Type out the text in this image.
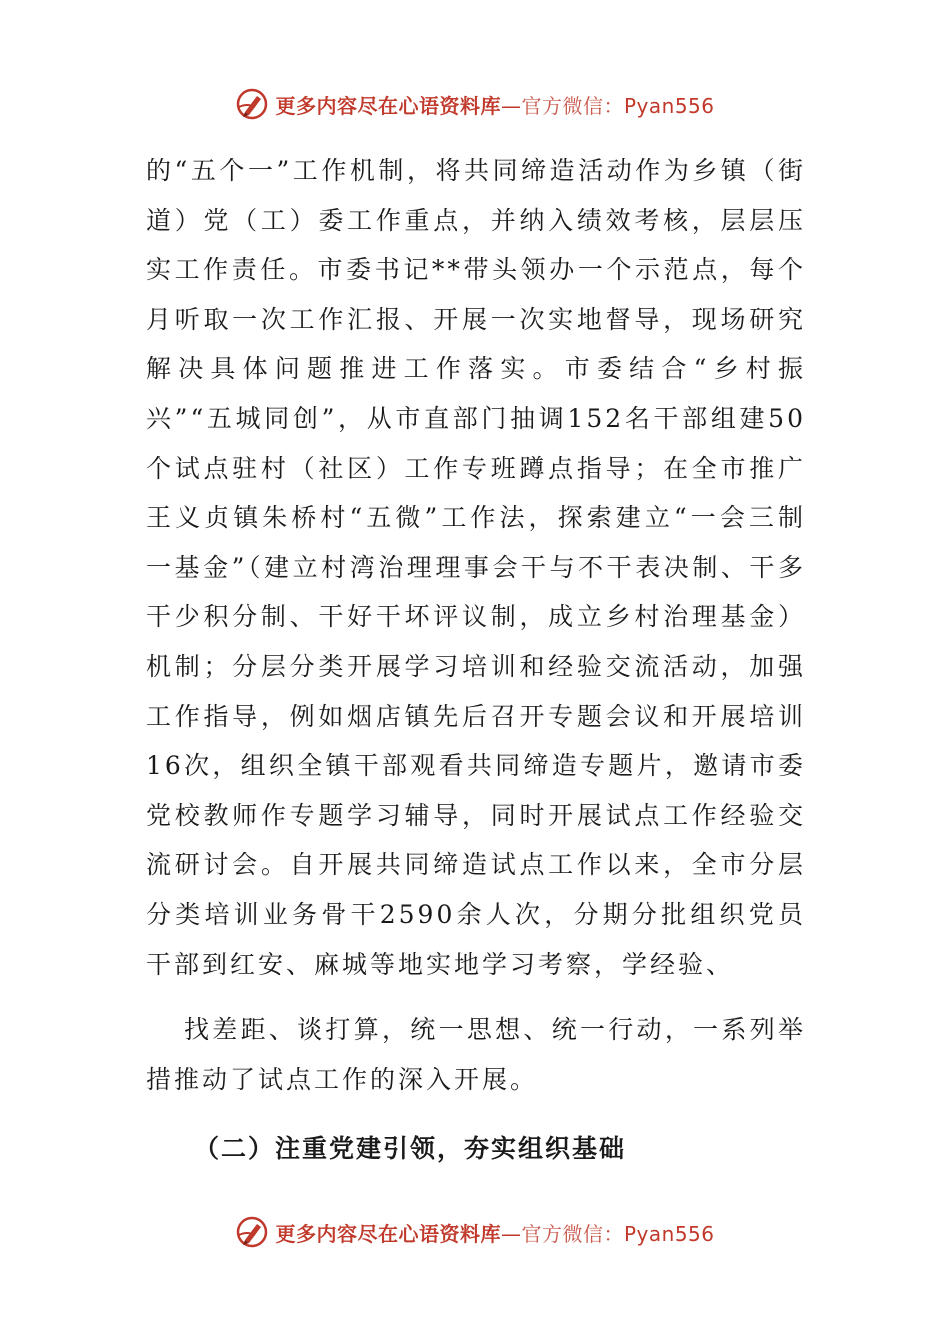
更多内容尽在心语资料库—官方微信：Pyan556

的“五个一”工作机制，将共同缔造活动作为乡镇（街道）党（工）委工作重点，并纳入绩效考核，层层压实工作责任。市委书记**带头领办一个示范点，每个月听取一次工作汇报、开展一次实地督导，现场研究解决具体问题推进工作落实。市委结合“乡村振兴”“五城同创”，从市直部门抽调152名干部组建50个试点驻村（社区）工作专班蹲点指导；在全市推广王义贞镇朱桥村“五微”工作法，探索建立“一会三制一基金”（建立村湾治理理事会干与不干表决制、干多干少积分制、干好干坏评议制，成立乡村治理基金）机制；分层分类开展学习培训和经验交流活动，加强工作指导，例如烟店镇先后召开专题会议和开展培训16次，组织全镇干部观看共同缔造专题片，邀请市委党校教师作专题学习辅导，同时开展试点工作经验交流研讨会。自开展共同缔造试点工作以来，全市分层分类培训业务骨干2590余人次，分期分批组织党员干部到红安、麻城等地实地学习考察，学经验、

找差距、谈打算，统一思想、统一行动，一系列举措推动了试点工作的深入开展。

（二）注重党建引领，夯实组织基础

更多内容尽在心语资料库—官方微信：Pyan556
